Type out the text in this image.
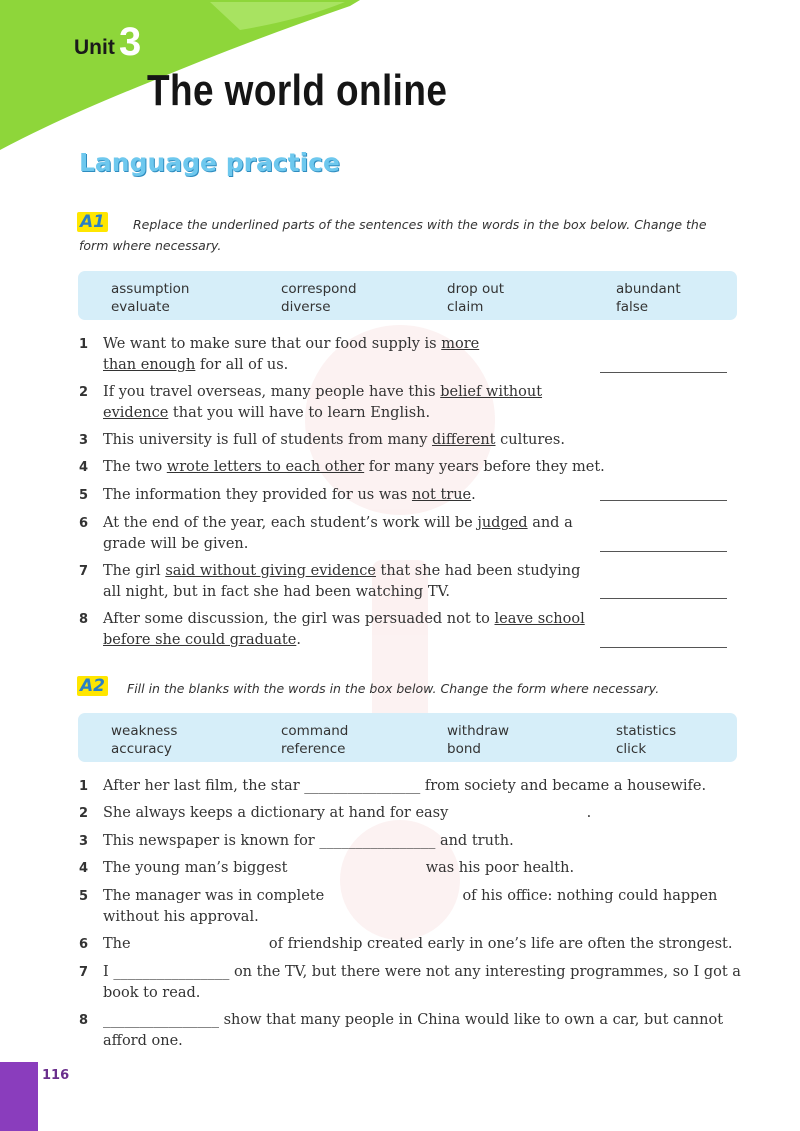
Unit 3
The world online
Language practice
A1 Replace the underlined parts of the sentences with the words in the box below. Change the
form where necessary.
assumption
evaluate
correspond
diverse
drop out
claim
abundant
false
1 We want to make sure that our food supply is more
than enough for all of us.
2 If you travel overseas, many people have this belief without
evidence that you will have to learn English.
3 This university is full of students from many different cultures.
4 The two wrote letters to each other for many years before they met.
5 The information they provided for us was not true.
6 At the end of the year, each student’s work will be judged and a
grade will be given.
7 The girl said without giving evidence that she had been studying
all night, but in fact she had been watching TV.
8 After some discussion, the girl was persuaded not to leave school
before she could graduate.
A2 Fill in the blanks with the words in the box below. Change the form where necessary.
weakness
accuracy
command
reference
withdraw
bond
statistics
click
1 After her last film, the star ________________ from society and became a housewife.
2 She always keeps a dictionary at hand for easy                              .
3 This newspaper is known for ________________ and truth.
4 The young man’s biggest                              was his poor health.
5 The manager was in complete                              of his office: nothing could happen
without his approval.
6 The                              of friendship created early in one’s life are often the strongest.
7 I ________________ on the TV, but there were not any interesting programmes, so I got a
book to read.
8 ________________ show that many people in China would like to own a car, but cannot
afford one.
116
